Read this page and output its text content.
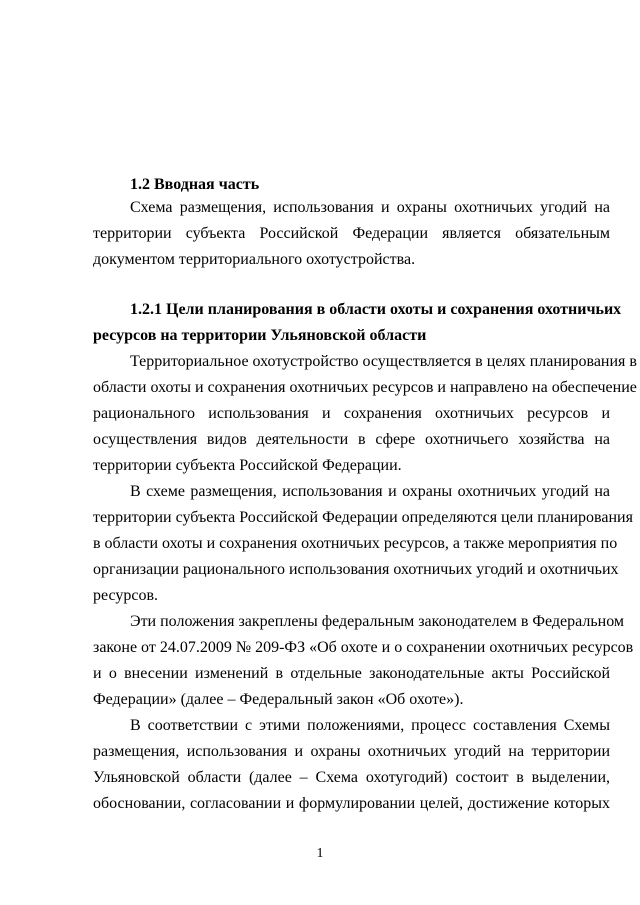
1.2 Вводная часть
Схема размещения, использования и охраны охотничьих угодий на
территории субъекта Российской Федерации является обязательным
документом территориального охотустройства.
1.2.1 Цели планирования в области охоты и сохранения охотничьих
ресурсов на территории Ульяновской области
Территориальное охотустройство осуществляется в целях планирования в
области охоты и сохранения охотничьих ресурсов и направлено на обеспечение
рационального использования и сохранения охотничьих ресурсов и
осуществления видов деятельности в сфере охотничьего хозяйства на
территории субъекта Российской Федерации.
В схеме размещения, использования и охраны охотничьих угодий на
территории субъекта Российской Федерации определяются цели планирования
в области охоты и сохранения охотничьих ресурсов, а также мероприятия по
организации рационального использования охотничьих угодий и охотничьих
ресурсов.
Эти положения закреплены федеральным законодателем в Федеральном
законе от 24.07.2009 № 209-ФЗ «Об охоте и о сохранении охотничьих ресурсов
и о внесении изменений в отдельные законодательные акты Российской
Федерации» (далее – Федеральный закон «Об охоте»).
В соответствии с этими положениями, процесс составления Схемы
размещения, использования и охраны охотничьих угодий на территории
Ульяновской области (далее – Схема охотугодий) состоит в выделении,
обосновании, согласовании и формулировании целей, достижение которых
1
